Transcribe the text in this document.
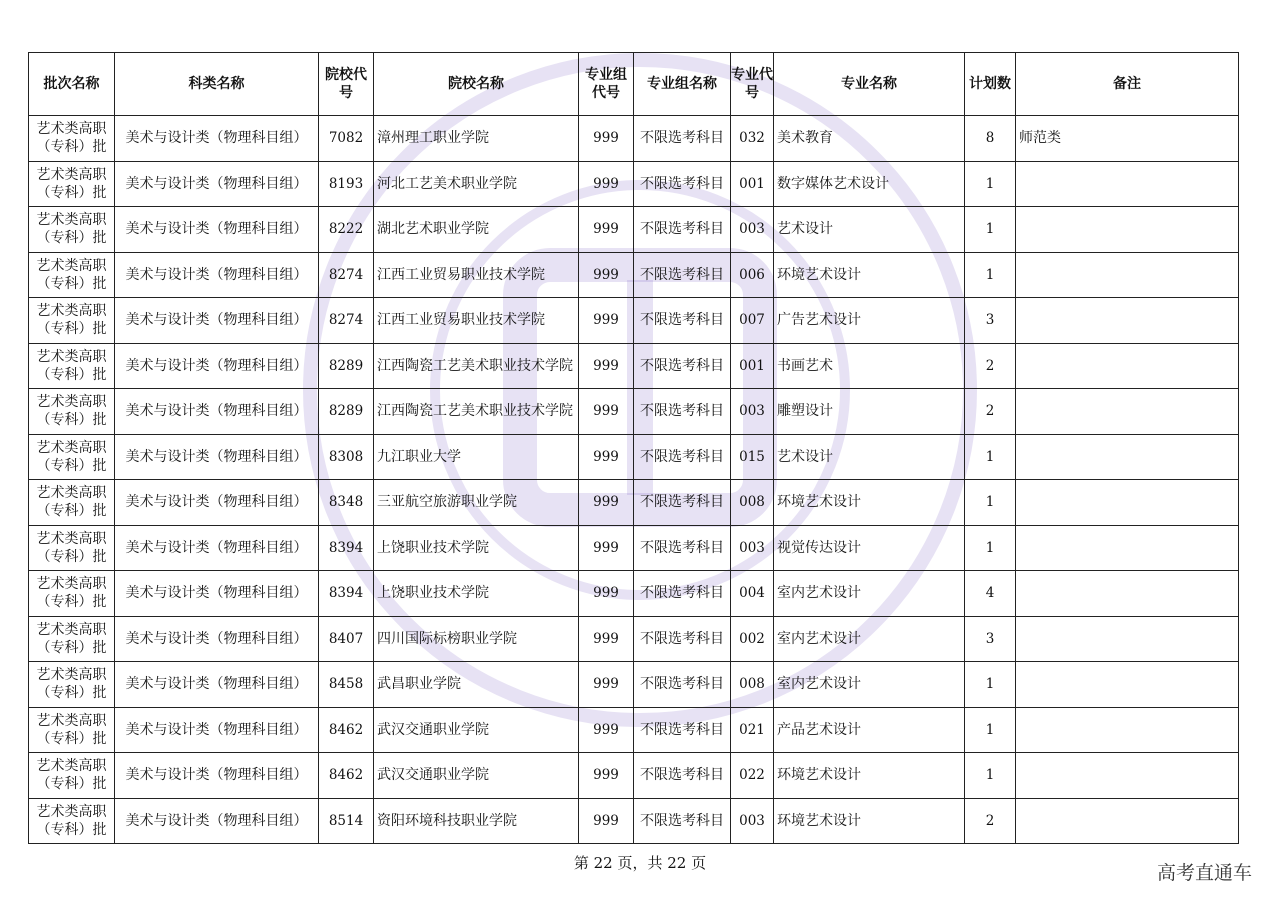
批次名称	科类名称	院校代号	院校名称	专业组代号	专业组名称	专业代号	专业名称	计划数	备注
艺术类高职（专科）批	美术与设计类（物理科目组）	7082	漳州理工职业学院	999	不限选考科目	032	美术教育	8	师范类
艺术类高职（专科）批	美术与设计类（物理科目组）	8193	河北工艺美术职业学院	999	不限选考科目	001	数字媒体艺术设计	1	
艺术类高职（专科）批	美术与设计类（物理科目组）	8222	湖北艺术职业学院	999	不限选考科目	003	艺术设计	1	
艺术类高职（专科）批	美术与设计类（物理科目组）	8274	江西工业贸易职业技术学院	999	不限选考科目	006	环境艺术设计	1	
艺术类高职（专科）批	美术与设计类（物理科目组）	8274	江西工业贸易职业技术学院	999	不限选考科目	007	广告艺术设计	3	
艺术类高职（专科）批	美术与设计类（物理科目组）	8289	江西陶瓷工艺美术职业技术学院	999	不限选考科目	001	书画艺术	2	
艺术类高职（专科）批	美术与设计类（物理科目组）	8289	江西陶瓷工艺美术职业技术学院	999	不限选考科目	003	雕塑设计	2	
艺术类高职（专科）批	美术与设计类（物理科目组）	8308	九江职业大学	999	不限选考科目	015	艺术设计	1	
艺术类高职（专科）批	美术与设计类（物理科目组）	8348	三亚航空旅游职业学院	999	不限选考科目	008	环境艺术设计	1	
艺术类高职（专科）批	美术与设计类（物理科目组）	8394	上饶职业技术学院	999	不限选考科目	003	视觉传达设计	1	
艺术类高职（专科）批	美术与设计类（物理科目组）	8394	上饶职业技术学院	999	不限选考科目	004	室内艺术设计	4	
艺术类高职（专科）批	美术与设计类（物理科目组）	8407	四川国际标榜职业学院	999	不限选考科目	002	室内艺术设计	3	
艺术类高职（专科）批	美术与设计类（物理科目组）	8458	武昌职业学院	999	不限选考科目	008	室内艺术设计	1	
艺术类高职（专科）批	美术与设计类（物理科目组）	8462	武汉交通职业学院	999	不限选考科目	021	产品艺术设计	1	
艺术类高职（专科）批	美术与设计类（物理科目组）	8462	武汉交通职业学院	999	不限选考科目	022	环境艺术设计	1	
艺术类高职（专科）批	美术与设计类（物理科目组）	8514	资阳环境科技职业学院	999	不限选考科目	003	环境艺术设计	2	
第 22 页，共 22 页	高考直通车
